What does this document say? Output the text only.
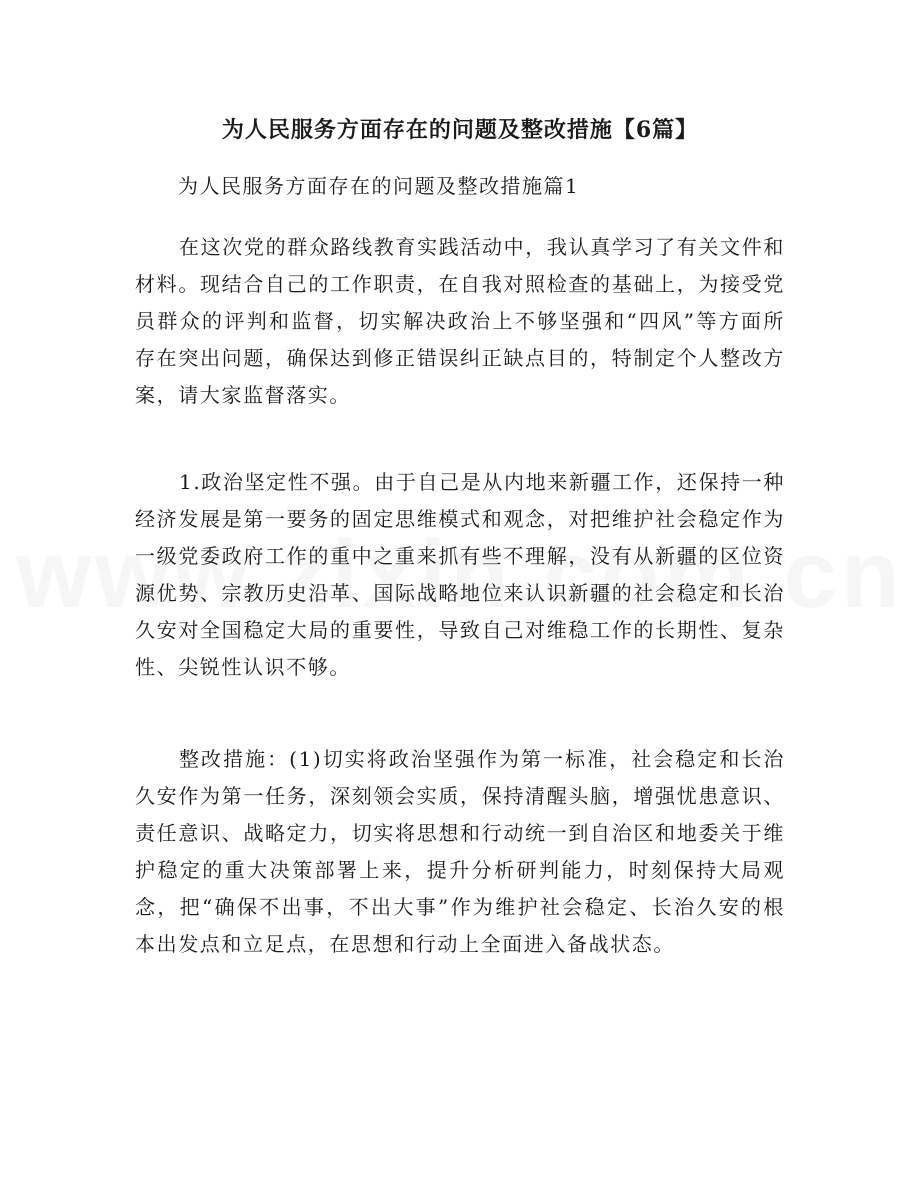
为人民服务方面存在的问题及整改措施【6篇】

为人民服务方面存在的问题及整改措施篇1

在这次党的群众路线教育实践活动中，我认真学习了有关文件和材料。现结合自己的工作职责，在自我对照检查的基础上，为接受党员群众的评判和监督，切实解决政治上不够坚强和“四风”等方面所存在突出问题，确保达到修正错误纠正缺点目的，特制定个人整改方案，请大家监督落实。

1.政治坚定性不强。由于自己是从内地来新疆工作，还保持一种经济发展是第一要务的固定思维模式和观念，对把维护社会稳定作为一级党委政府工作的重中之重来抓有些不理解，没有从新疆的区位资源优势、宗教历史沿革、国际战略地位来认识新疆的社会稳定和长治久安对全国稳定大局的重要性，导致自己对维稳工作的长期性、复杂性、尖锐性认识不够。

整改措施：(1)切实将政治坚强作为第一标准，社会稳定和长治久安作为第一任务，深刻领会实质，保持清醒头脑，增强忧患意识、责任意识、战略定力，切实将思想和行动统一到自治区和地委关于维护稳定的重大决策部署上来，提升分析研判能力，时刻保持大局观念，把“确保不出事，不出大事”作为维护社会稳定、长治久安的根本出发点和立足点，在思想和行动上全面进入备战状态。
